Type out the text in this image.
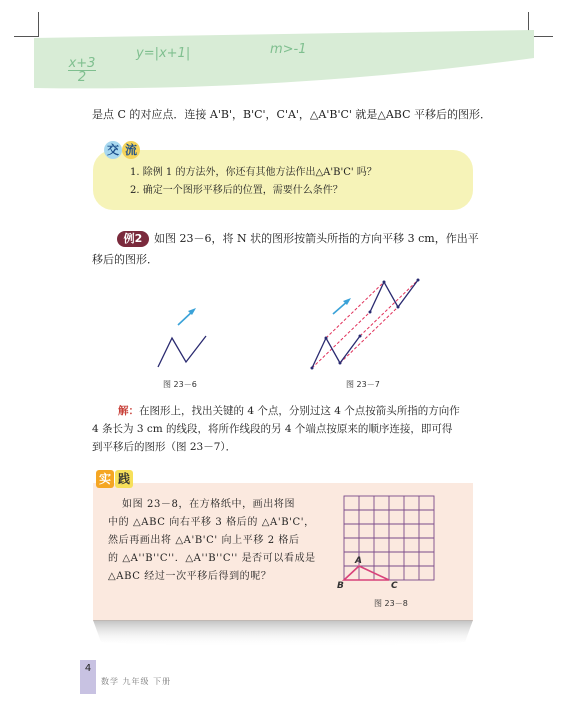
$\frac{x+3}{2}$
y=|x+1|	m>-1
是点 C 的对应点．连接 A'B'，B'C'，C'A'，△A'B'C' 就是△ABC 平移后的图形．
交 流
1. 除例 1 的方法外，你还有其他方法作出△A'B'C' 吗？
2. 确定一个图形平移后的位置，需要什么条件？
例2	如图 23－6，将 N 状的图形按箭头所指的方向平移 3 cm，作出平
移后的图形．
图 23－6	图 23－7
解：在图形上，找出关键的 4 个点，分别过这 4 个点按箭头所指的方向作
4 条长为 3 cm 的线段，将所作线段的另 4 个端点按原来的顺序连接，即可得
到平移后的图形（图 23－7）．
实 践
如图 23－8，在方格纸中，画出将图
中的 △ABC 向右平移 3 格后的 △A'B'C'，
然后再画出将 △A'B'C' 向上平移 2 格后
的 △A''B''C''．△A''B''C'' 是否可以看成是
△ABC 经过一次平移后得到的呢？
A
B	C
图 23－8
4
数学 九年级 下册
